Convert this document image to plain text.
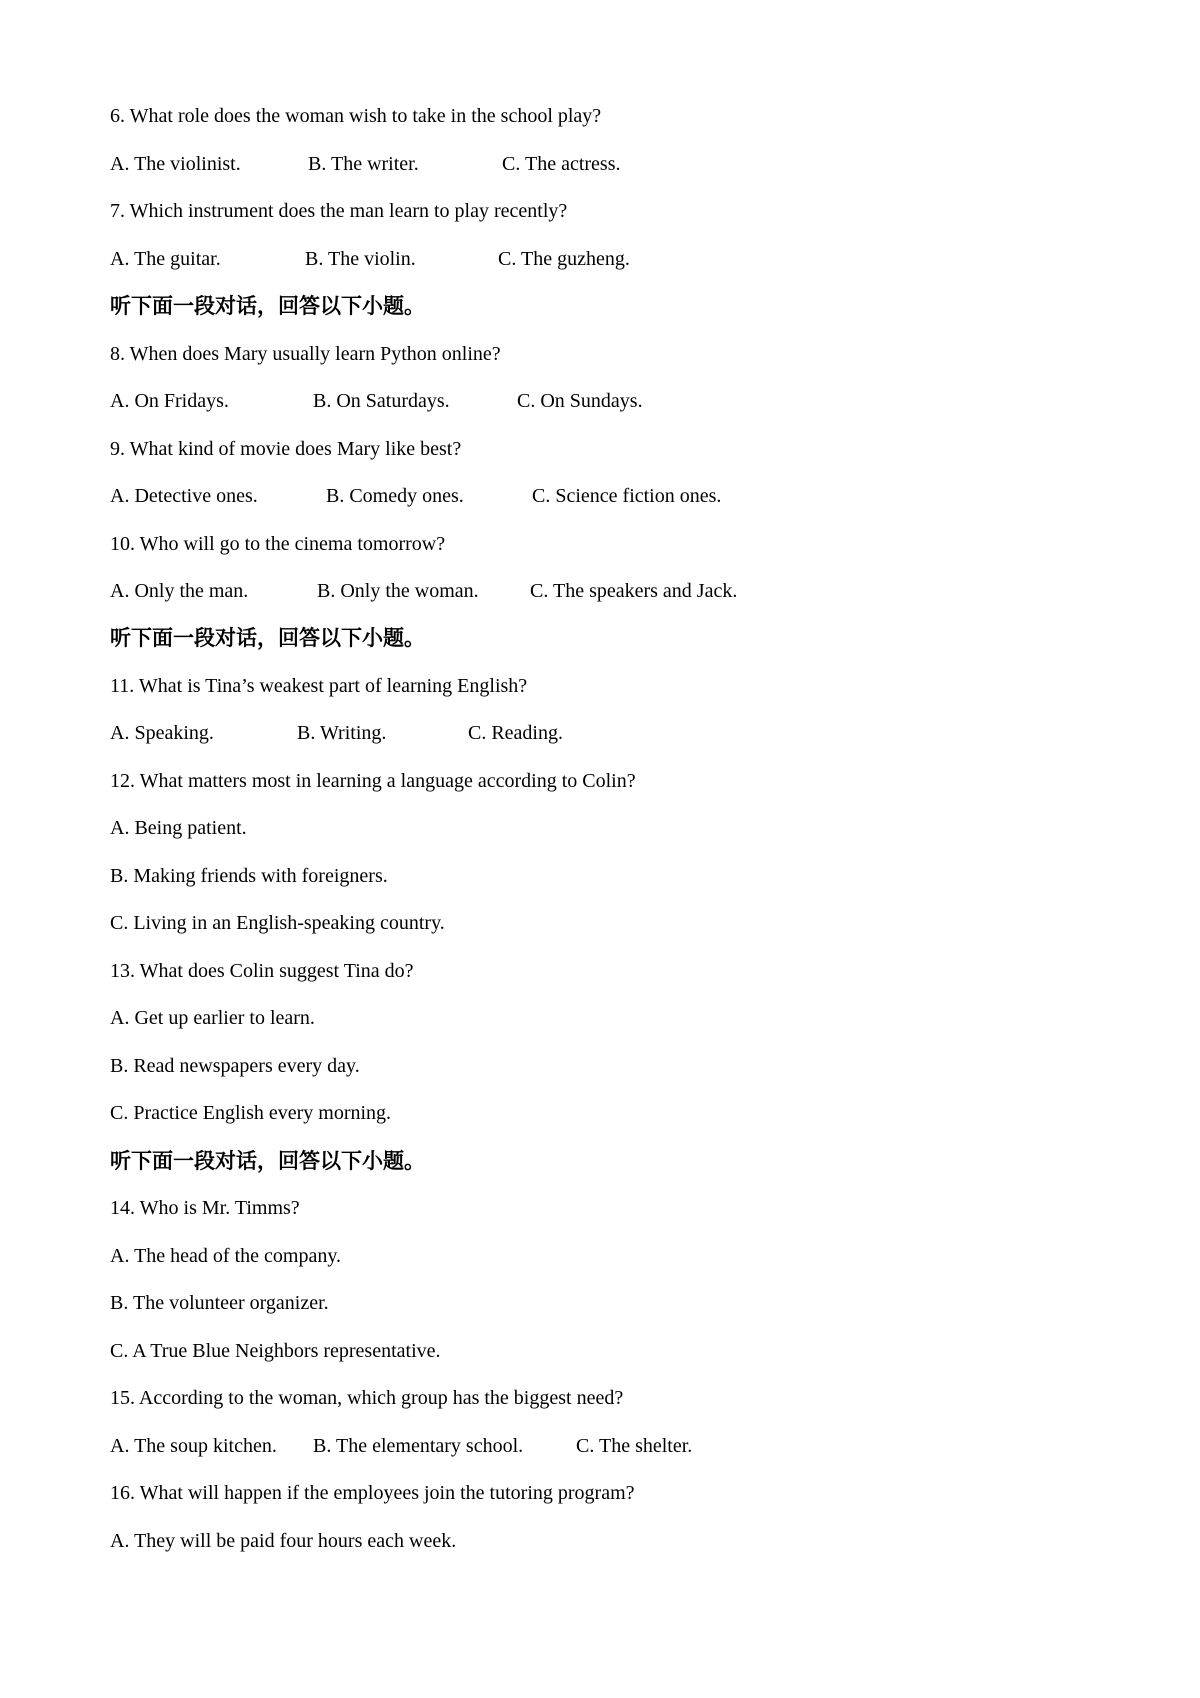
6. What role does the woman wish to take in the school play?

A. The violinist.	B. The writer.	C. The actress.

7. Which instrument does the man learn to play recently?

A. The guitar.	B. The violin.	C. The guzheng.

听下面一段对话，回答以下小题。

8. When does Mary usually learn Python online?

A. On Fridays.	B. On Saturdays.	C. On Sundays.

9. What kind of movie does Mary like best?

A. Detective ones.	B. Comedy ones.	C. Science fiction ones.

10. Who will go to the cinema tomorrow?

A. Only the man.	B. Only the woman.	C. The speakers and Jack.

听下面一段对话，回答以下小题。

11. What is Tina’s weakest part of learning English?

A. Speaking.	B. Writing.	C. Reading.

12. What matters most in learning a language according to Colin?

A. Being patient.

B. Making friends with foreigners.

C. Living in an English-speaking country.

13. What does Colin suggest Tina do?

A. Get up earlier to learn.

B. Read newspapers every day.

C. Practice English every morning.

听下面一段对话，回答以下小题。

14. Who is Mr. Timms?

A. The head of the company.

B. The volunteer organizer.

C. A True Blue Neighbors representative.

15. According to the woman, which group has the biggest need?

A. The soup kitchen. B. The elementary school.	C. The shelter.

16. What will happen if the employees join the tutoring program?

A. They will be paid four hours each week.
